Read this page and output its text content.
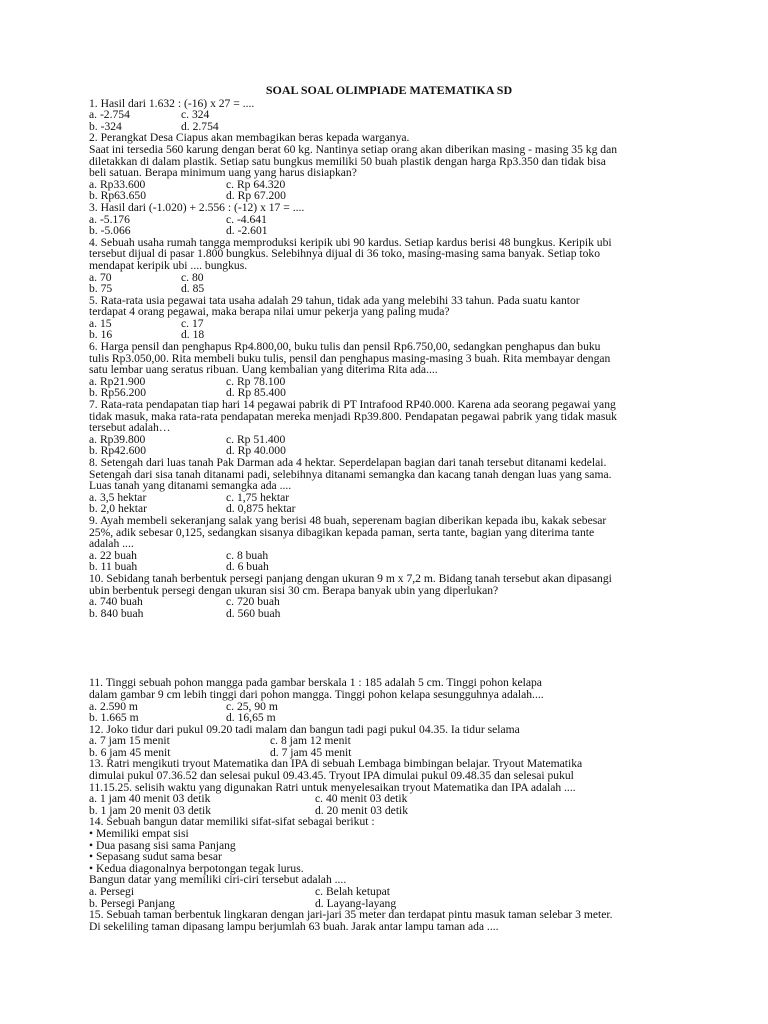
SOAL SOAL OLIMPIADE MATEMATIKA SD
1. Hasil dari 1.632 : (-16) x 27 = ....
a. -2.754	c. 324
b. -324	d. 2.754
2. Perangkat Desa Ciapus akan membagikan beras kepada warganya.
Saat ini tersedia 560 karung dengan berat 60 kg. Nantinya setiap orang akan diberikan masing - masing 35 kg dan
diletakkan di dalam plastik. Setiap satu bungkus memiliki 50 buah plastik dengan harga Rp3.350 dan tidak bisa
beli satuan. Berapa minimum uang yang harus disiapkan?
a. Rp33.600	c. Rp 64.320
b. Rp63.650	d. Rp 67.200
3. Hasil dari (-1.020) + 2.556 : (-12) x 17 = ....
a. -5.176	c. -4.641
b. -5.066	d. -2.601
4. Sebuah usaha rumah tangga memproduksi keripik ubi 90 kardus. Setiap kardus berisi 48 bungkus. Keripik ubi
tersebut dijual di pasar 1.800 bungkus. Selebihnya dijual di 36 toko, masing-masing sama banyak. Setiap toko
mendapat keripik ubi .... bungkus.
a. 70	c. 80
b. 75	d. 85
5. Rata-rata usia pegawai tata usaha adalah 29 tahun, tidak ada yang melebihi 33 tahun. Pada suatu kantor
terdapat 4 orang pegawai, maka berapa nilai umur pekerja yang paling muda?
a. 15	c. 17
b. 16	d. 18
6. Harga pensil dan penghapus Rp4.800,00, buku tulis dan pensil Rp6.750,00, sedangkan penghapus dan buku
tulis Rp3.050,00. Rita membeli buku tulis, pensil dan penghapus masing-masing 3 buah. Rita membayar dengan
satu lembar uang seratus ribuan. Uang kembalian yang diterima Rita ada....
a. Rp21.900	c. Rp 78.100
b. Rp56.200	d. Rp 85.400
7. Rata-rata pendapatan tiap hari 14 pegawai pabrik di PT Intrafood RP40.000. Karena ada seorang pegawai yang
tidak masuk, maka rata-rata pendapatan mereka menjadi Rp39.800. Pendapatan pegawai pabrik yang tidak masuk
tersebut adalah…
a. Rp39.800	c. Rp 51.400
b. Rp42.600	d. Rp 40.000
8. Setengah dari luas tanah Pak Darman ada 4 hektar. Seperdelapan bagian dari tanah tersebut ditanami kedelai.
Setengah dari sisa tanah ditanami padi, selebihnya ditanami semangka dan kacang tanah dengan luas yang sama.
Luas tanah yang ditanami semangka ada ....
a. 3,5 hektar	c. 1,75 hektar
b. 2,0 hektar	d. 0,875 hektar
9. Ayah membeli sekeranjang salak yang berisi 48 buah, seperenam bagian diberikan kepada ibu, kakak sebesar
25%, adik sebesar 0,125, sedangkan sisanya dibagikan kepada paman, serta tante, bagian yang diterima tante
adalah ....
a. 22 buah	c. 8 buah
b. 11 buah	d. 6 buah
10. Sebidang tanah berbentuk persegi panjang dengan ukuran 9 m x 7,2 m. Bidang tanah tersebut akan dipasangi
ubin berbentuk persegi dengan ukuran sisi 30 cm. Berapa banyak ubin yang diperlukan?
a. 740 buah	c. 720 buah
b. 840 buah	d. 560 buah
11. Tinggi sebuah pohon mangga pada gambar berskala 1 : 185 adalah 5 cm. Tinggi pohon kelapa
dalam gambar 9 cm lebih tinggi dari pohon mangga. Tinggi pohon kelapa sesungguhnya adalah....
a. 2.590 m	c. 25, 90 m
b. 1.665 m	d. 16,65 m
12. Joko tidur dari pukul 09.20 tadi malam dan bangun tadi pagi pukul 04.35. Ia tidur selama
a. 7 jam 15 menit	c. 8 jam 12 menit
b. 6 jam 45 menit	d. 7 jam 45 menit
13. Ratri mengikuti tryout Matematika dan IPA di sebuah Lembaga bimbingan belajar. Tryout Matematika
dimulai pukul 07.36.52 dan selesai pukul 09.43.45. Tryout IPA dimulai pukul 09.48.35 dan selesai pukul
11.15.25. selisih waktu yang digunakan Ratri untuk menyelesaikan tryout Matematika dan IPA adalah ....
a. 1 jam 40 menit 03 detik	c. 40 menit 03 detik
b. 1 jam 20 menit 03 detik	d. 20 menit 03 detik
14. Sebuah bangun datar memiliki sifat-sifat sebagai berikut :
• Memiliki empat sisi
• Dua pasang sisi sama Panjang
• Sepasang sudut sama besar
• Kedua diagonalnya berpotongan tegak lurus.
Bangun datar yang memiliki ciri-ciri tersebut adalah ....
a. Persegi	c. Belah ketupat
b. Persegi Panjang	d. Layang-layang
15. Sebuah taman berbentuk lingkaran dengan jari-jari 35 meter dan terdapat pintu masuk taman selebar 3 meter.
Di sekeliling taman dipasang lampu berjumlah 63 buah. Jarak antar lampu taman ada ....
